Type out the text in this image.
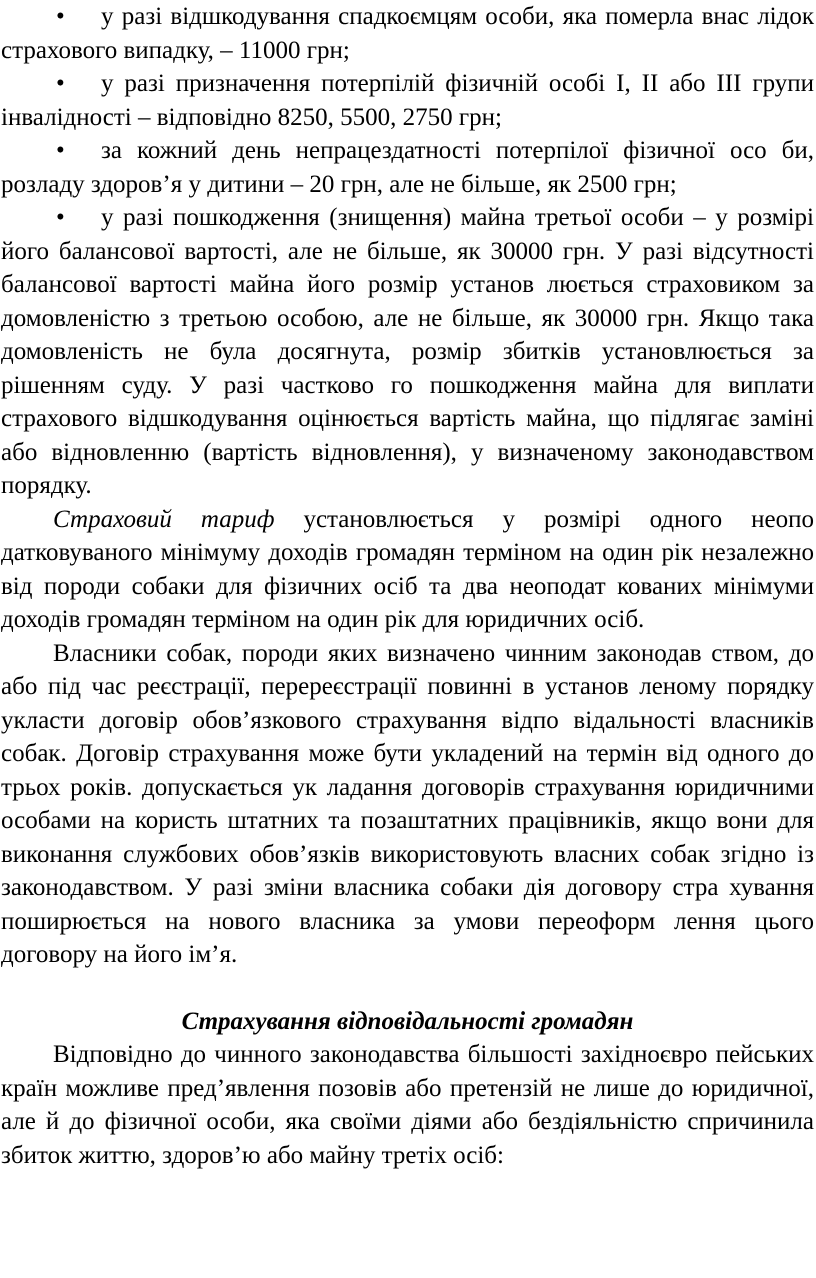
• у разі відшкодування спадкоємцям особи, яка померла внас лідок страхового випадку, – 11000 грн;

• у разі призначення потерпілій фізичній особі I, II або III групи інвалідності – відповідно 8250, 5500, 2750 грн;

• за кожний день непрацездатності потерпілої фізичної осо би, розладу здоров’я у дитини – 20 грн, але не більше, як 2500 грн;

• у разі пошкодження (знищення) майна третьої особи – у розмірі його балансової вартості, але не більше, як 30000 грн. У разі відсутності балансової вартості майна його розмір установ люється страховиком за домовленістю з третьою особою, але не більше, як 30000 грн. Якщо така домовленість не була досягнута, розмір збитків установлюється за рішенням суду. У разі частково го пошкодження майна для виплати страхового відшкодування оцінюється вартість майна, що підлягає заміні або відновленню (вартість відновлення), у визначеному законодавством порядку.

Страховий тариф установлюється у розмірі одного неопо датковуваного мінімуму доходів громадян терміном на один рік незалежно від породи собаки для фізичних осіб та два неоподат кованих мінімуми доходів громадян терміном на один рік для юридичних осіб.

Власники собак, породи яких визначено чинним законодав ством, до або під час реєстрації, перереєстрації повинні в установ леному порядку укласти договір обов’язкового страхування відпо відальності власників собак. Договір страхування може бути укладений на термін від одного до трьох років. допускається ук ладання договорів страхування юридичними особами на користь штатних та позаштатних працівників, якщо вони для виконання службових обов’язків використовують власних собак згідно із законодавством. У разі зміни власника собаки дія договору стра хування поширюється на нового власника за умови переоформ лення цього договору на його ім’я.

Страхування відповідальності громадян

Відповідно до чинного законодавства більшості західноєвро пейських країн можливе пред’явлення позовів або претензій не лише до юридичної, але й до фізичної особи, яка своїми діями або бездіяльністю спричинила збиток життю, здоров’ю або майну третіх осіб:
